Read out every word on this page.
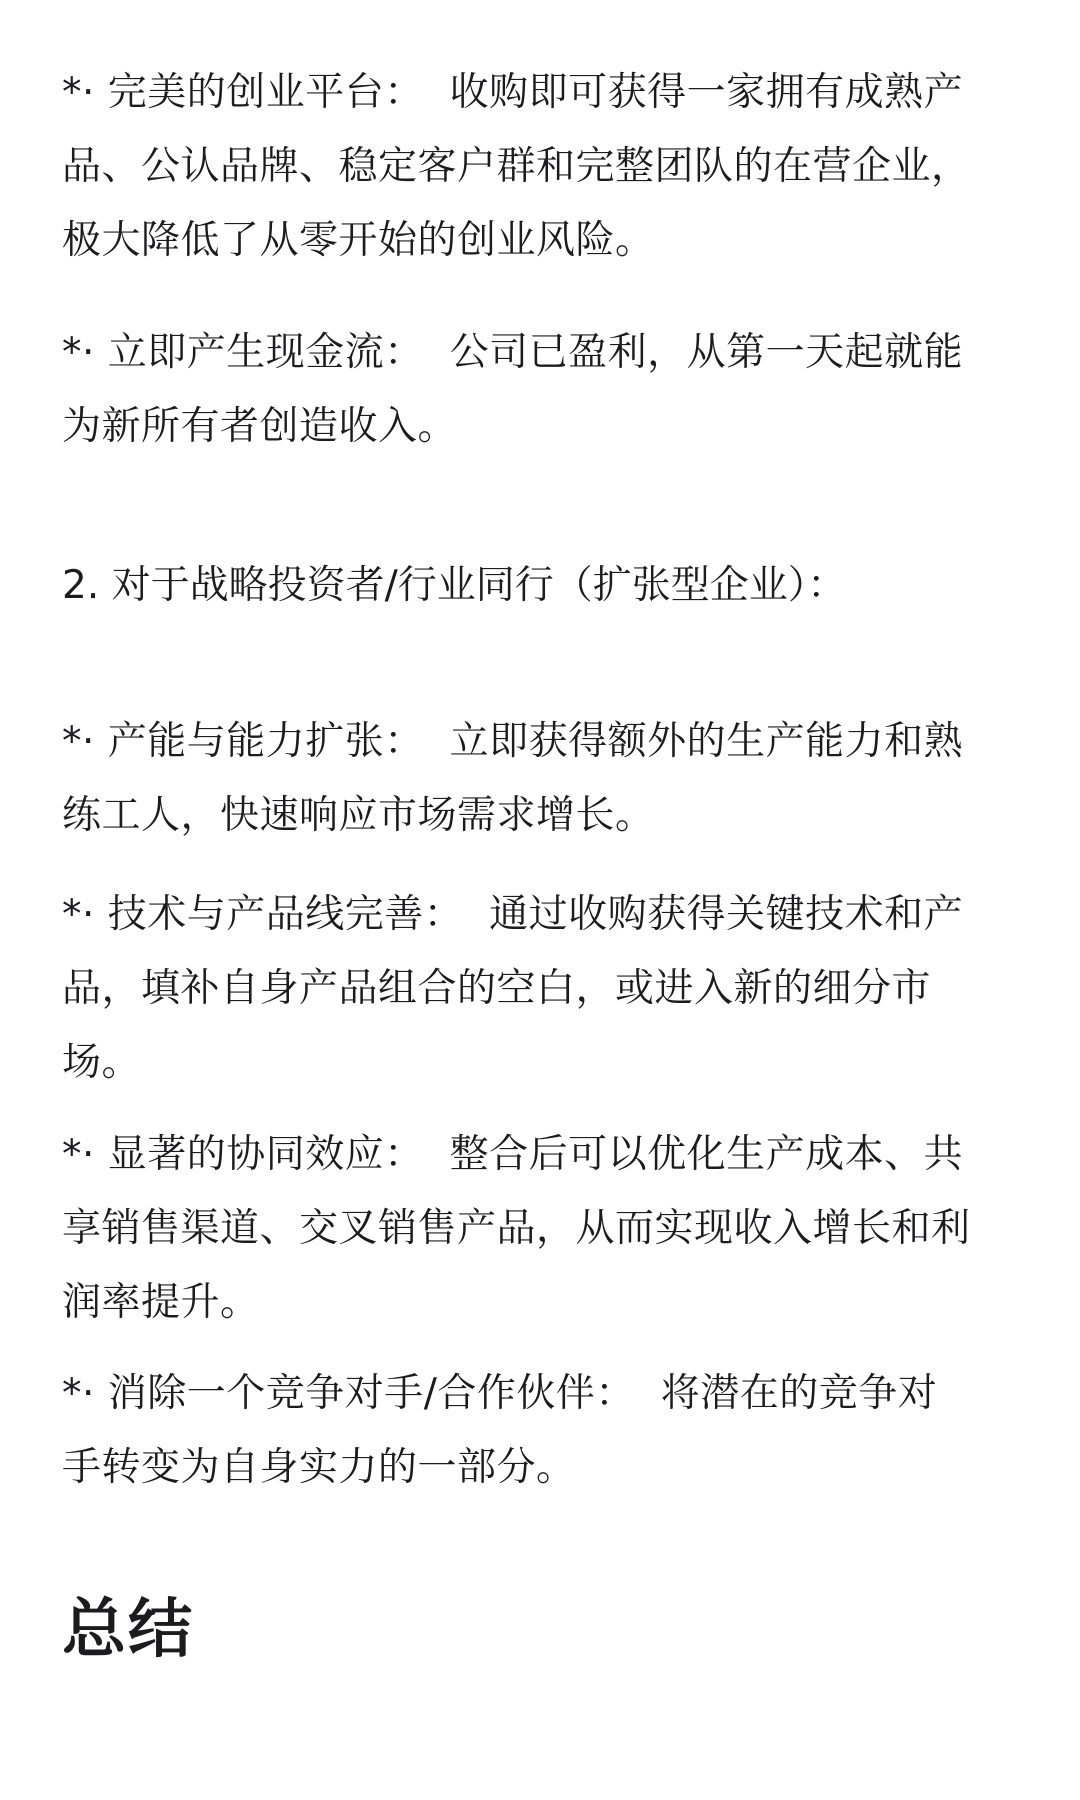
*· 完美的创业平台：  收购即可获得一家拥有成熟产
品、公认品牌、稳定客户群和完整团队的在营企业，
极大降低了从零开始的创业风险。

*· 立即产生现金流：  公司已盈利，从第一天起就能
为新所有者创造收入。

2. 对于战略投资者/行业同行（扩张型企业）：

*· 产能与能力扩张：  立即获得额外的生产能力和熟
练工人，快速响应市场需求增长。

*· 技术与产品线完善：  通过收购获得关键技术和产
品，填补自身产品组合的空白，或进入新的细分市
场。

*· 显著的协同效应：  整合后可以优化生产成本、共
享销售渠道、交叉销售产品，从而实现收入增长和利
润率提升。

*· 消除一个竞争对手/合作伙伴：  将潜在的竞争对
手转变为自身实力的一部分。

总结
